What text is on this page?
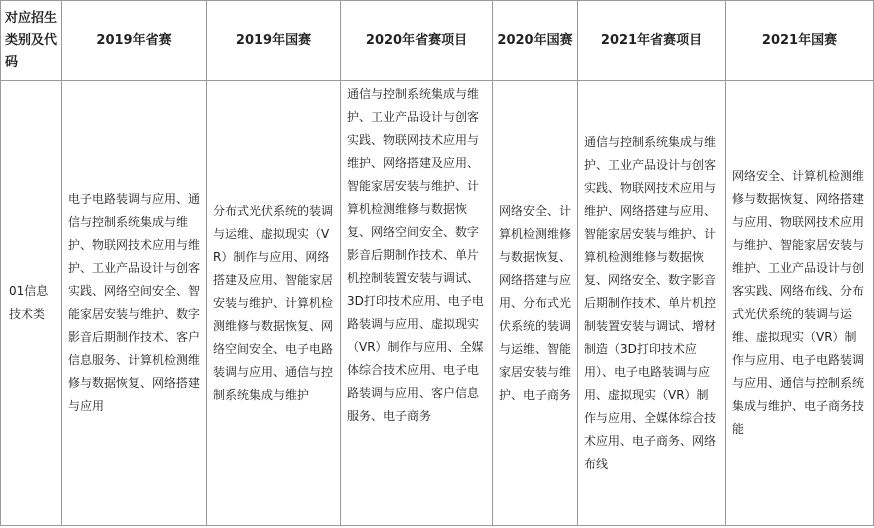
对应招生类别及代码	2019年省赛	2019年国赛	2020年省赛项目	2020年国赛	2021年省赛项目	2021年国赛

01信息技术类	电子电路装调与应用、通信与控制系统集成与维护、物联网技术应用与维护、工业产品设计与创客实践、网络空间安全、智能家居安装与维护、数字影音后期制作技术、客户信息服务、计算机检测维修与数据恢复、网络搭建与应用	分布式光伏系统的装调与运维、虚拟现实（VR）制作与应用、网络搭建及应用、智能家居安装与维护、计算机检测维修与数据恢复、网络空间安全、电子电路装调与应用、通信与控制系统集成与维护	通信与控制系统集成与维护、工业产品设计与创客实践、物联网技术应用与维护、网络搭建及应用、智能家居安装与维护、计算机检测维修与数据恢复、网络空间安全、数字影音后期制作技术、单片机控制装置安装与调试、3D打印技术应用、电子电路装调与应用、虚拟现实（VR）制作与应用、全媒体综合技术应用、电子电路装调与应用、客户信息服务、电子商务	网络安全、计算机检测维修与数据恢复、网络搭建与应用、分布式光伏系统的装调与运维、智能家居安装与维护、电子商务	通信与控制系统集成与维护、工业产品设计与创客实践、物联网技术应用与维护、网络搭建与应用、智能家居安装与维护、计算机检测维修与数据恢复、网络安全、数字影音后期制作技术、单片机控制装置安装与调试、增材制造（3D打印技术应用）、电子电路装调与应用、虚拟现实（VR）制作与应用、全媒体综合技术应用、电子商务、网络布线	网络安全、计算机检测维修与数据恢复、网络搭建与应用、物联网技术应用与维护、智能家居安装与维护、工业产品设计与创客实践、网络布线、分布式光伏系统的装调与运维、虚拟现实（VR）制作与应用、电子电路装调与应用、通信与控制系统集成与维护、电子商务技能
